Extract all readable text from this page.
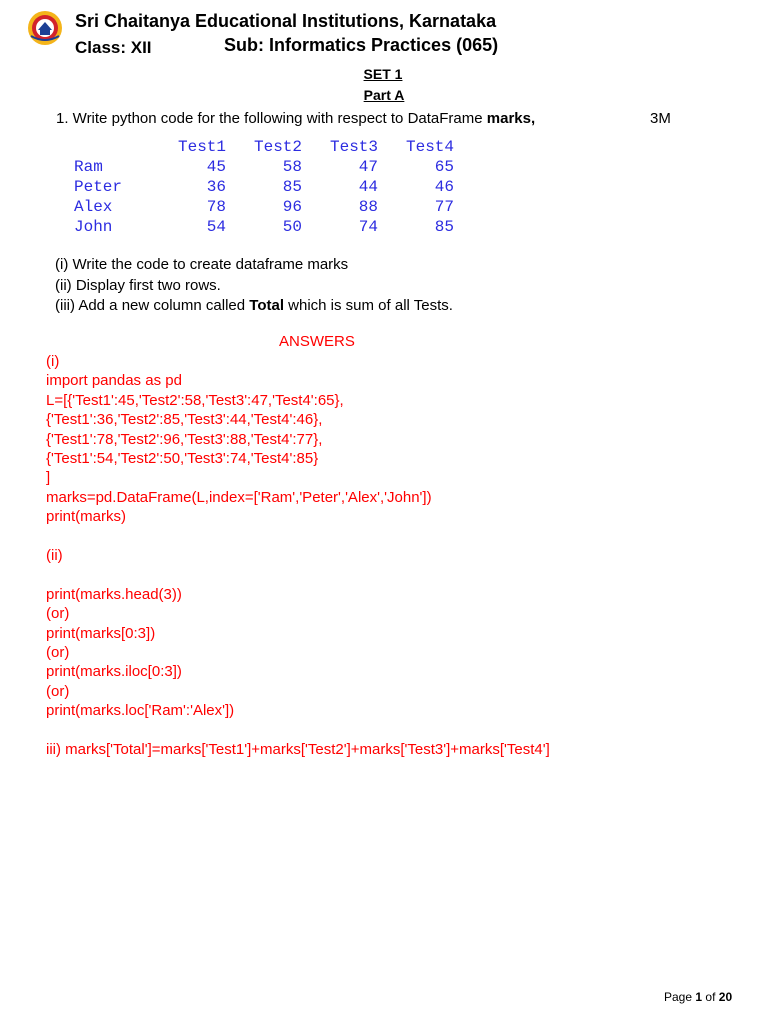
Sri Chaitanya Educational Institutions, Karnataka
Class: XII	Sub: Informatics Practices (065)
SET 1
Part A
1. Write python code for the following with respect to DataFrame marks,	3M
	Test1	Test2	Test3	Test4
Ram	45	58	47	65
Peter	36	85	44	46
Alex	78	96	88	77
John	54	50	74	85
(i) Write the code to create dataframe marks
(ii) Display first two rows.
(iii) Add a new column called Total which is sum of all Tests.
ANSWERS
(i)
import pandas as pd
L=[{'Test1':45,'Test2':58,'Test3':47,'Test4':65},
{'Test1':36,'Test2':85,'Test3':44,'Test4':46},
{'Test1':78,'Test2':96,'Test3':88,'Test4':77},
{'Test1':54,'Test2':50,'Test3':74,'Test4':85}
]
marks=pd.DataFrame(L,index=['Ram','Peter','Alex','John'])
print(marks)
(ii)
print(marks.head(3))
(or)
print(marks[0:3])
(or)
print(marks.iloc[0:3])
(or)
print(marks.loc['Ram':'Alex'])
iii) marks['Total']=marks['Test1']+marks['Test2']+marks['Test3']+marks['Test4']
Page 1 of 20
